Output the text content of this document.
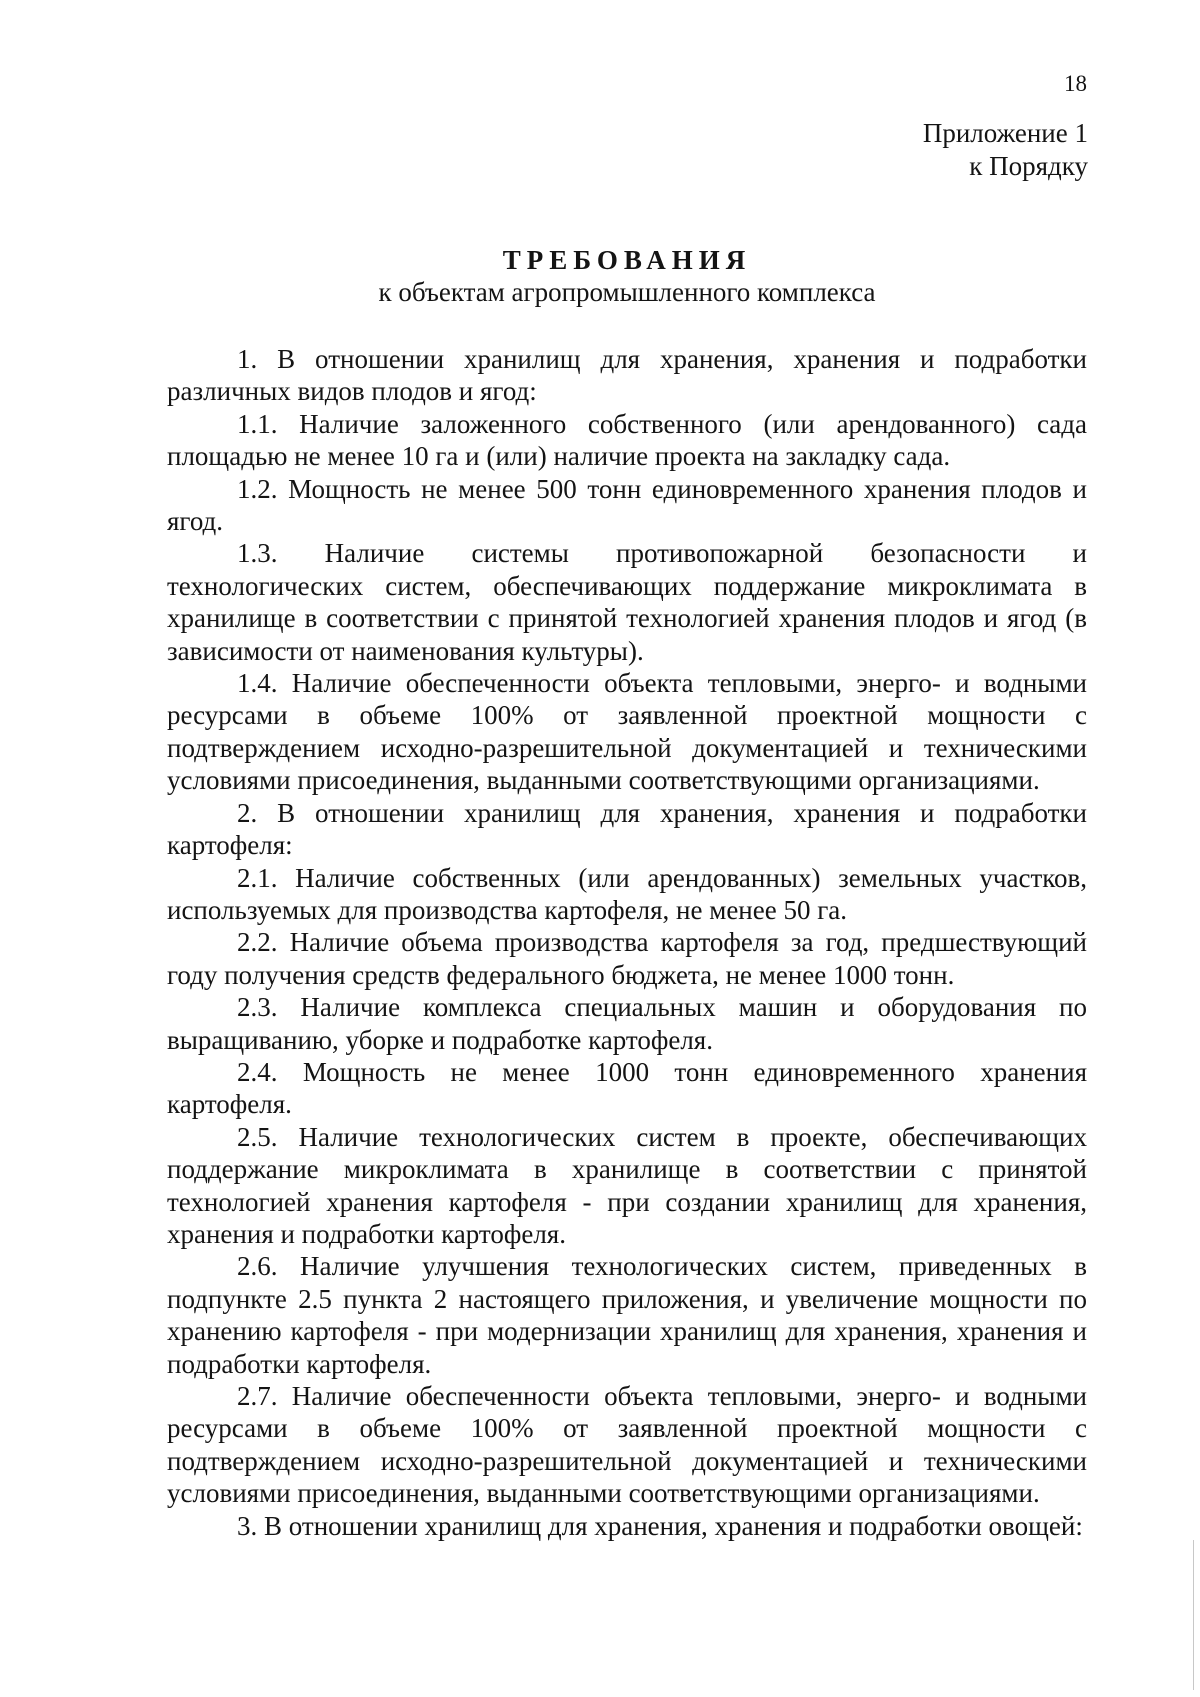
18
Приложение 1
к Порядку
ТРЕБОВАНИЯ
к объектам агропромышленного комплекса

1. В отношении хранилищ для хранения, хранения и подработки различных видов плодов и ягод:

1.1. Наличие заложенного собственного (или арендованного) сада площадью не менее 10 га и (или) наличие проекта на закладку сада.

1.2. Мощность не менее 500 тонн единовременного хранения плодов и ягод.

1.3. Наличие системы противопожарной безопасности и технологических систем, обеспечивающих поддержание микроклимата в хранилище в соответствии с принятой технологией хранения плодов и ягод (в зависимости от наименования культуры).

1.4. Наличие обеспеченности объекта тепловыми, энерго- и водными ресурсами в объеме 100% от заявленной проектной мощности с подтверждением исходно-разрешительной документацией и техническими условиями присоединения, выданными соответствующими организациями.

2. В отношении хранилищ для хранения, хранения и подработки картофеля:

2.1. Наличие собственных (или арендованных) земельных участков, используемых для производства картофеля, не менее 50 га.

2.2. Наличие объема производства картофеля за год, предшествующий году получения средств федерального бюджета, не менее 1000 тонн.

2.3. Наличие комплекса специальных машин и оборудования по выращиванию, уборке и подработке картофеля.

2.4. Мощность не менее 1000 тонн единовременного хранения картофеля.

2.5. Наличие технологических систем в проекте, обеспечивающих поддержание микроклимата в хранилище в соответствии с принятой технологией хранения картофеля - при создании хранилищ для хранения, хранения и подработки картофеля.

2.6. Наличие улучшения технологических систем, приведенных в подпункте 2.5 пункта 2 настоящего приложения, и увеличение мощности по хранению картофеля - при модернизации хранилищ для хранения, хранения и подработки картофеля.

2.7. Наличие обеспеченности объекта тепловыми, энерго- и водными ресурсами в объеме 100% от заявленной проектной мощности с подтверждением исходно-разрешительной документацией и техническими условиями присоединения, выданными соответствующими организациями.

3. В отношении хранилищ для хранения, хранения и подработки овощей:
